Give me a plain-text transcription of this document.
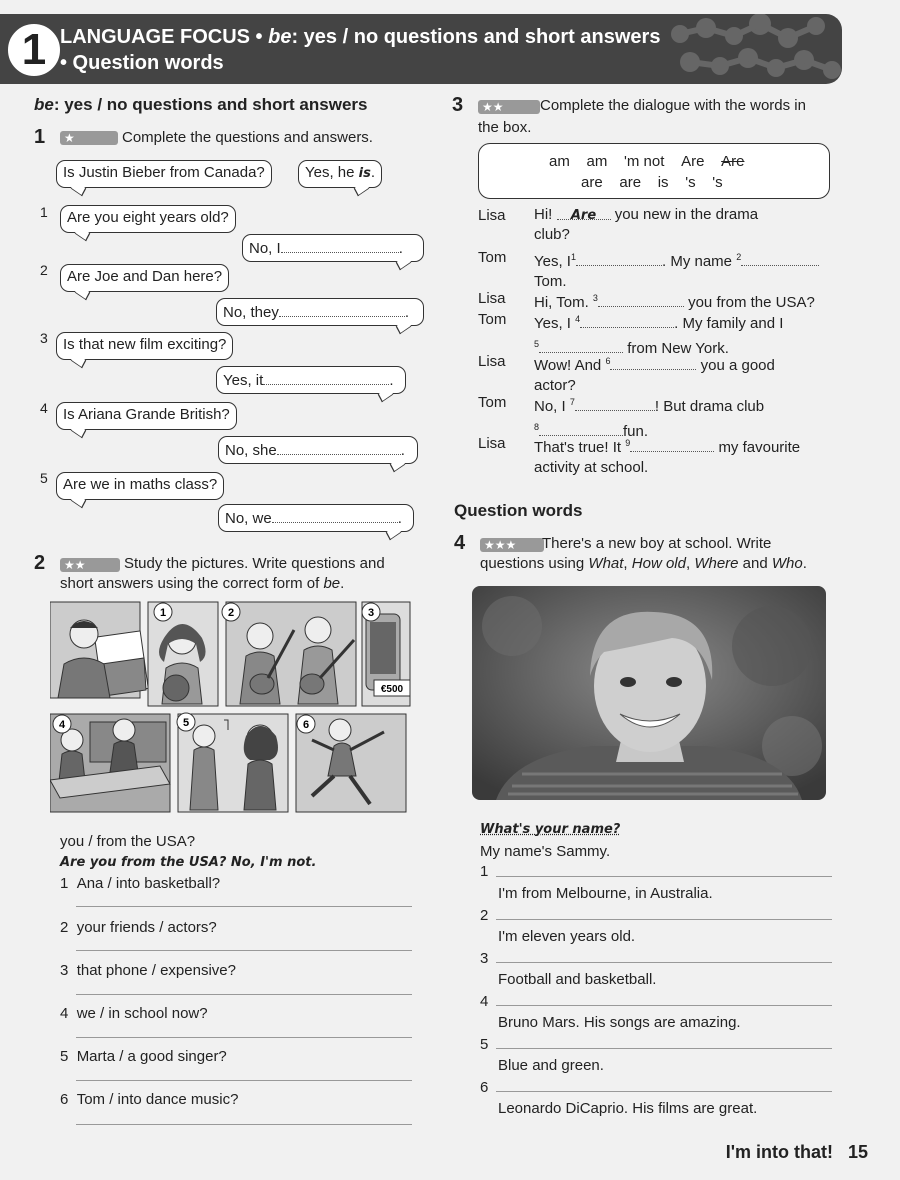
1 LANGUAGE FOCUS • be: yes / no questions and short answers
• Question words
be: yes / no questions and short answers
1	★	Complete the questions and answers.
Is Justin Bieber from Canada?	Yes, he is.
1	Are you eight years old?
No, I	.
2	Are Joe and Dan here?
No, they	.
3	Is that new film exciting?
Yes, it	.
4	Is Ariana Grande British?
No, she	.
5	Are we in maths class?
No, we	.
2	★★	Study the pictures. Write questions and
short answers using the correct form of be.
1	2	3
4	5	6
€500
you / from the USA?
Are you from the USA? No, I'm not.
1 Ana / into basketball?
2 your friends / actors?
3 that phone / expensive?
4 we / in school now?
5 Marta / a good singer?
6 Tom / into dance music?
3	★★	Complete the dialogue with the words in
the box.
am am 'm not Are Are
are are is 's 's
Lisa Hi! Are you new in the drama
club?
Tom Yes, $I^1$	. My name $^2$
Tom.
Lisa Hi, Tom. $^3$	you from the USA?
Tom Yes, I $^4$	. My family and I
$^5$	from New York.
Lisa Wow! And $^6$	you a good
actor?
Tom No, I $^7$	! But drama club
$^8$	fun.
Lisa That's true! It $^9$	my favourite
activity at school.
Question words
4	★★★	There's a new boy at school. Write
questions using What, How old, Where and Who.
What's your name?
My name's Sammy.
1
I'm from Melbourne, in Australia.
2
I'm eleven years old.
3
Football and basketball.
4
Bruno Mars. His songs are amazing.
5
Blue and green.
6
Leonardo DiCaprio. His films are great.
I'm into that! 15
